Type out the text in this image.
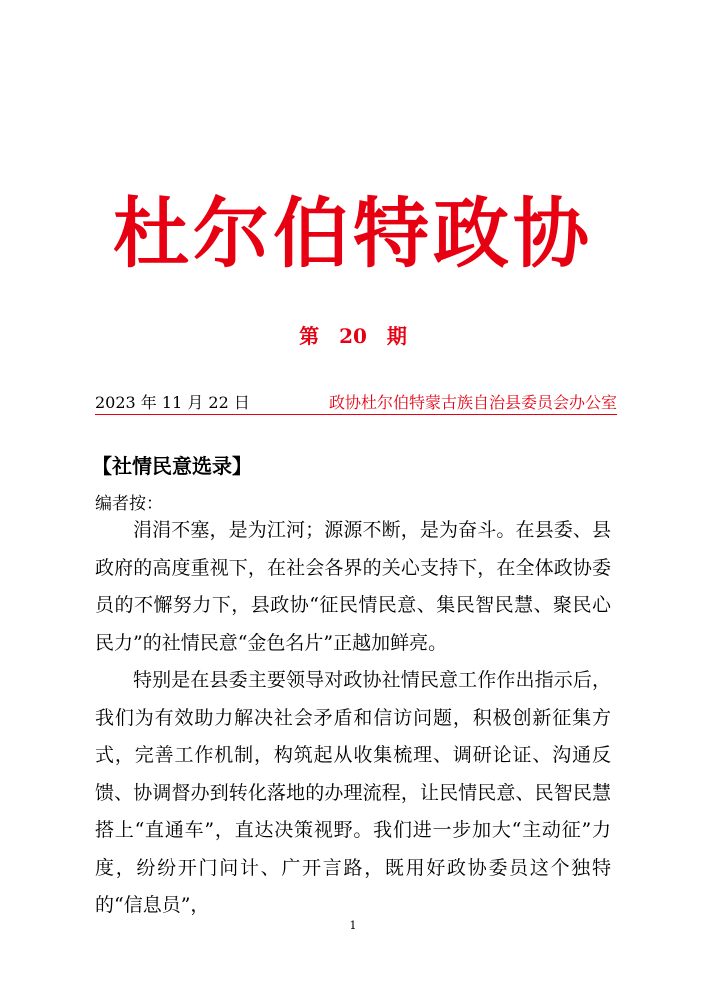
杜尔伯特政协
第 20 期
2023 年 11 月 22 日	政协杜尔伯特蒙古族自治县委员会办公室
【社情民意选录】
编者按：

涓涓不塞，是为江河；源源不断，是为奋斗。在县委、县政府的高度重视下，在社会各界的关心支持下，在全体政协委员的不懈努力下，县政协“征民情民意、集民智民慧、聚民心民力”的社情民意“金色名片”正越加鲜亮。

特别是在县委主要领导对政协社情民意工作作出指示后，我们为有效助力解决社会矛盾和信访问题，积极创新征集方式，完善工作机制，构筑起从收集梳理、调研论证、沟通反馈、协调督办到转化落地的办理流程，让民情民意、民智民慧搭上“直通车”，直达决策视野。我们进一步加大“主动征”力度，纷纷开门问计、广开言路，既用好政协委员这个独特的“信息员”，

1
